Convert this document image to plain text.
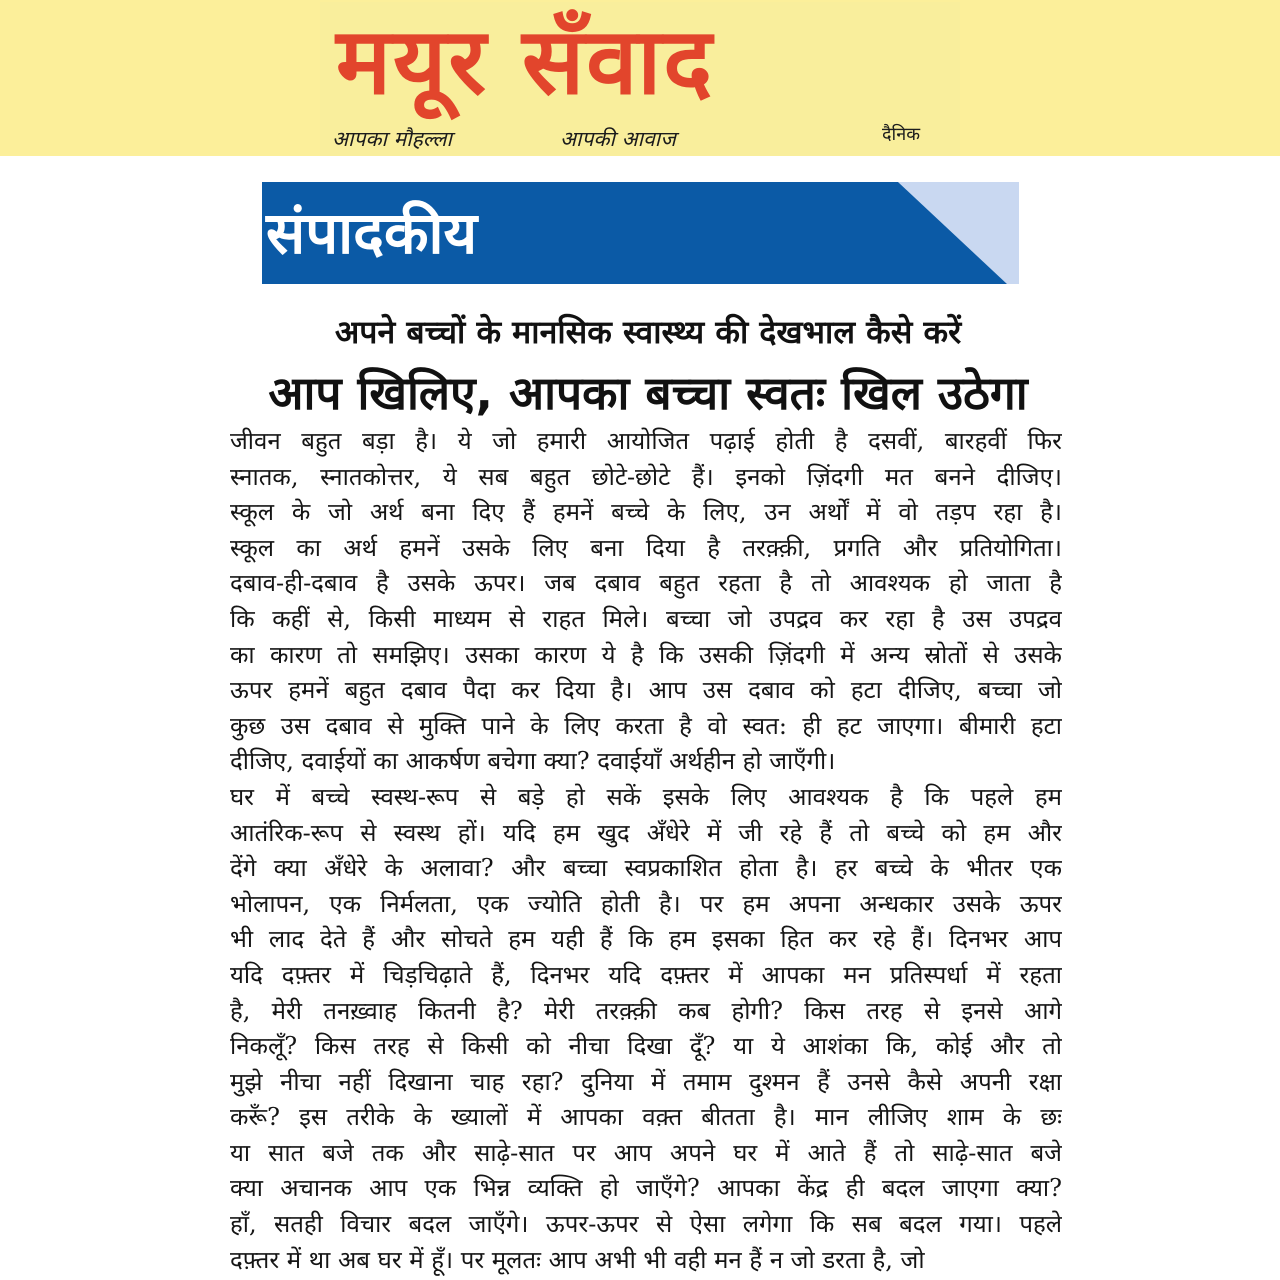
मयूर सँवाद
आपका मौहल्ला	आपकी आवाज	दैनिक
संपादकीय
अपने बच्चों के मानसिक स्वास्थ्य की देखभाल कैसे करें
आप खिलिए, आपका बच्चा स्वतः खिल उठेगा
जीवन बहुत बड़ा है। ये जो हमारी आयोजित पढ़ाई होती है दसवीं, बारहवीं फिर
स्नातक, स्नातकोत्तर, ये सब बहुत छोटे-छोटे हैं। इनको ज़िंदगी मत बनने दीजिए।
स्कूल के जो अर्थ बना दिए हैं हमनें बच्चे के लिए, उन अर्थों में वो तड़प रहा है।
स्कूल का अर्थ हमनें उसके लिए बना दिया है तरक़्क़ी, प्रगति और प्रतियोगिता।
दबाव-ही-दबाव है उसके ऊपर। जब दबाव बहुत रहता है तो आवश्यक हो जाता है
कि कहीं से, किसी माध्यम से राहत मिले। बच्चा जो उपद्रव कर रहा है उस उपद्रव
का कारण तो समझिए। उसका कारण ये है कि उसकी ज़िंदगी में अन्य स्रोतों से उसके
ऊपर हमनें बहुत दबाव पैदा कर दिया है। आप उस दबाव को हटा दीजिए, बच्चा जो
कुछ उस दबाव से मुक्ति पाने के लिए करता है वो स्वत: ही हट जाएगा। बीमारी हटा
दीजिए, दवाईयों का आकर्षण बचेगा क्या? दवाईयाँ अर्थहीन हो जाएँगी।
घर में बच्चे स्वस्थ-रूप से बड़े हो सकें इसके लिए आवश्यक है कि पहले हम
आतंरिक-रूप से स्वस्थ हों। यदि हम खुद अँधेरे में जी रहे हैं तो बच्चे को हम और
देंगे क्या अँधेरे के अलावा? और बच्चा स्वप्रकाशित होता है। हर बच्चे के भीतर एक
भोलापन, एक निर्मलता, एक ज्योति होती है। पर हम अपना अन्धकार उसके ऊपर
भी लाद देते हैं और सोचते हम यही हैं कि हम इसका हित कर रहे हैं। दिनभर आप
यदि दफ़्तर में चिड़चिढ़ाते हैं, दिनभर यदि दफ़्तर में आपका मन प्रतिस्पर्धा में रहता
है, मेरी तनख़्वाह कितनी है? मेरी तरक़्क़ी कब होगी? किस तरह से इनसे आगे
निकलूँ? किस तरह से किसी को नीचा दिखा दूँ? या ये आशंका कि, कोई और तो
मुझे नीचा नहीं दिखाना चाह रहा? दुनिया में तमाम दुश्मन हैं उनसे कैसे अपनी रक्षा
करूँ? इस तरीके के ख्यालों में आपका वक़्त बीतता है। मान लीजिए शाम के छः
या सात बजे तक और साढ़े-सात पर आप अपने घर में आते हैं तो साढ़े-सात बजे
क्या अचानक आप एक भिन्न व्यक्ति हो जाएँगे? आपका केंद्र ही बदल जाएगा क्या?
हाँ, सतही विचार बदल जाएँगे। ऊपर-ऊपर से ऐसा लगेगा कि सब बदल गया। पहले
दफ़्तर में था अब घर में हूँ। पर मूलतः आप अभी भी वही मन हैं न जो डरता है, जो
